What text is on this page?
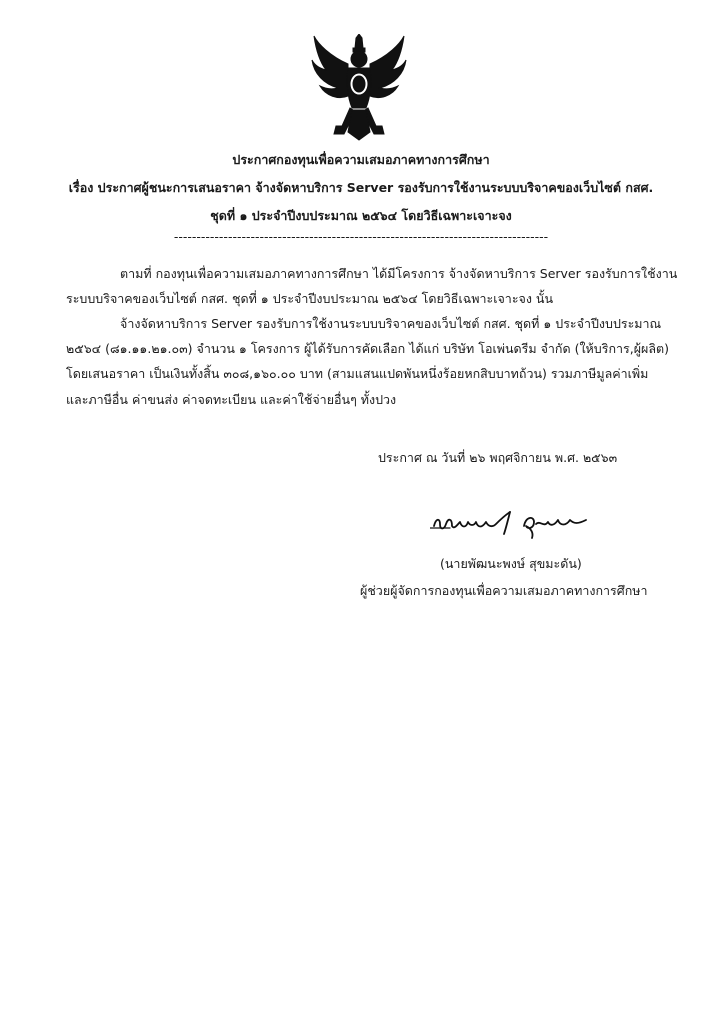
ประกาศกองทุนเพื่อความเสมอภาคทางการศึกษา
เรื่อง ประกาศผู้ชนะการเสนอราคา จ้างจัดหาบริการ Server รองรับการใช้งานระบบบริจาคของเว็บไซต์ กสศ.
ชุดที่ ๑ ประจำปีงบประมาณ ๒๕๖๔ โดยวิธีเฉพาะเจาะจง
-----------------------------------------------------------------------------------
ตามที่ กองทุนเพื่อความเสมอภาคทางการศึกษา ได้มีโครงการ จ้างจัดหาบริการ Server รองรับการใช้งาน
ระบบบริจาคของเว็บไซต์ กสศ. ชุดที่ ๑ ประจำปีงบประมาณ ๒๕๖๔ โดยวิธีเฉพาะเจาะจง นั้น
จ้างจัดหาบริการ Server รองรับการใช้งานระบบบริจาคของเว็บไซต์ กสศ. ชุดที่ ๑ ประจำปีงบประมาณ
๒๕๖๔ (๘๑.๑๑.๒๑.๐๓) จำนวน ๑ โครงการ ผู้ได้รับการคัดเลือก ได้แก่ บริษัท โอเพ่นดรีม จำกัด (ให้บริการ,ผู้ผลิต)
โดยเสนอราคา เป็นเงินทั้งสิ้น ๓๐๘,๑๖๐.๐๐ บาท (สามแสนแปดพันหนึ่งร้อยหกสิบบาทถ้วน) รวมภาษีมูลค่าเพิ่ม
และภาษีอื่น ค่าขนส่ง ค่าจดทะเบียน และค่าใช้จ่ายอื่นๆ ทั้งปวง
ประกาศ ณ วันที่ ๒๖ พฤศจิกายน พ.ศ. ๒๕๖๓
(นายพัฒนะพงษ์ สุขมะดัน)
ผู้ช่วยผู้จัดการกองทุนเพื่อความเสมอภาคทางการศึกษา
